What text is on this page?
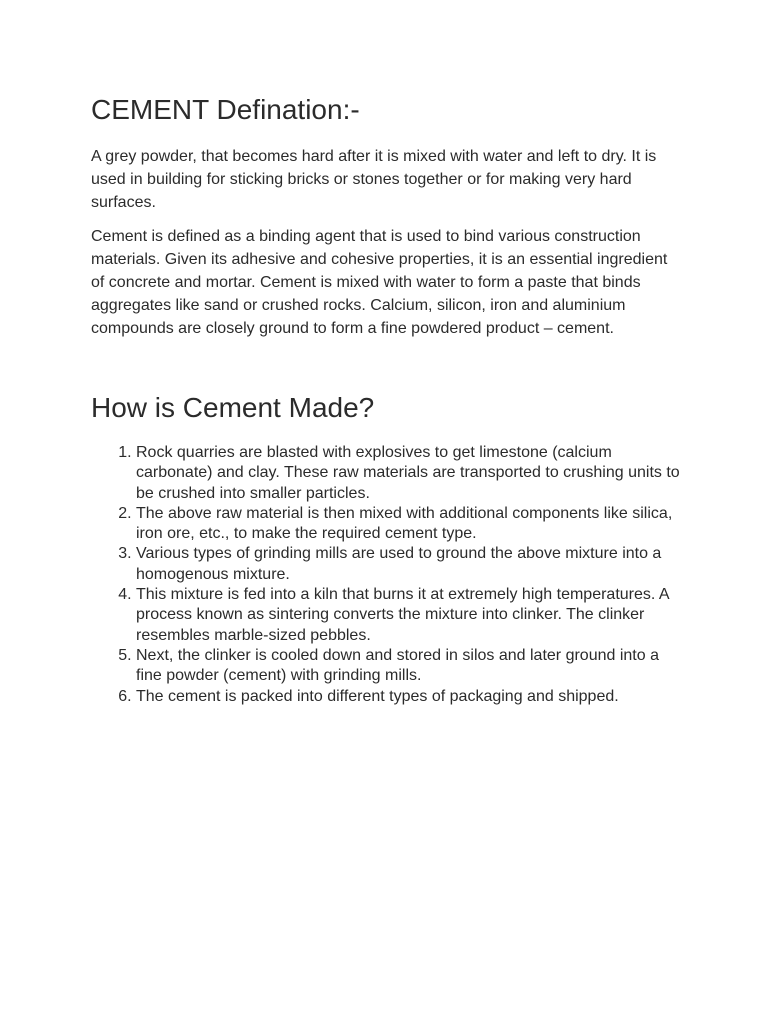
CEMENT Defination:-

A grey powder, that becomes hard after it is mixed with water and left to dry. It is used in building for sticking bricks or stones together or for making very hard surfaces.

Cement is defined as a binding agent that is used to bind various construction materials. Given its adhesive and cohesive properties, it is an essential ingredient of concrete and mortar. Cement is mixed with water to form a paste that binds aggregates like sand or crushed rocks. Calcium, silicon, iron and aluminium compounds are closely ground to form a fine powdered product – cement.

How is Cement Made?
1. Rock quarries are blasted with explosives to get limestone (calcium carbonate) and clay. These raw materials are transported to crushing units to be crushed into smaller particles.
2. The above raw material is then mixed with additional components like silica, iron ore, etc., to make the required cement type.
3. Various types of grinding mills are used to ground the above mixture into a homogenous mixture.
4. This mixture is fed into a kiln that burns it at extremely high temperatures. A process known as sintering converts the mixture into clinker. The clinker resembles marble-sized pebbles.
5. Next, the clinker is cooled down and stored in silos and later ground into a fine powder (cement) with grinding mills.
6. The cement is packed into different types of packaging and shipped.
